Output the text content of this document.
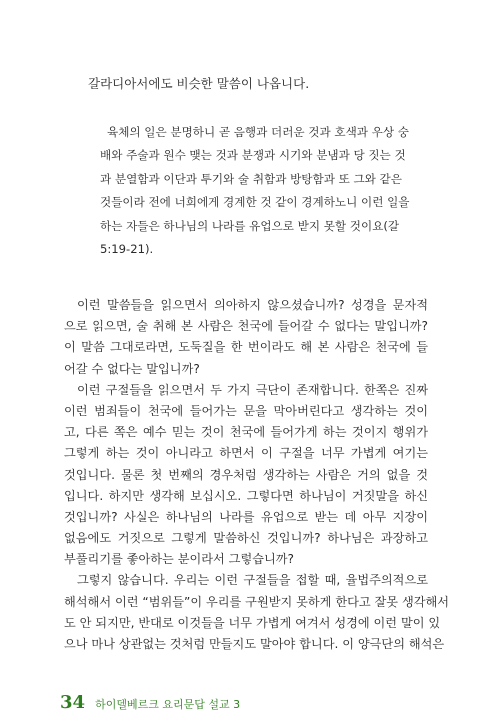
갈라디아서에도 비슷한 말씀이 나옵니다.
육체의 일은 분명하니 곧 음행과 더러운 것과 호색과 우상 숭
배와 주술과 원수 맺는 것과 분쟁과 시기와 분냄과 당 짓는 것
과 분열함과 이단과 투기와 술 취함과 방탕함과 또 그와 같은
것들이라 전에 너희에게 경계한 것 같이 경계하노니 이런 일을
하는 자들은 하나님의 나라를 유업으로 받지 못할 것이요(갈
5:19-21).
이런 말씀들을 읽으면서 의아하지 않으셨습니까? 성경을 문자적
으로 읽으면, 술 취해 본 사람은 천국에 들어갈 수 없다는 말입니까?
이 말씀 그대로라면, 도둑질을 한 번이라도 해 본 사람은 천국에 들
어갈 수 없다는 말입니까?
이런 구절들을 읽으면서 두 가지 극단이 존재합니다. 한쪽은 진짜
이런 범죄들이 천국에 들어가는 문을 막아버린다고 생각하는 것이
고, 다른 쪽은 예수 믿는 것이 천국에 들어가게 하는 것이지 행위가
그렇게 하는 것이 아니라고 하면서 이 구절을 너무 가볍게 여기는
것입니다. 물론 첫 번째의 경우처럼 생각하는 사람은 거의 없을 것
입니다. 하지만 생각해 보십시오. 그렇다면 하나님이 거짓말을 하신
것입니까? 사실은 하나님의 나라를 유업으로 받는 데 아무 지장이
없음에도 거짓으로 그렇게 말씀하신 것입니까? 하나님은 과장하고
부풀리기를 좋아하는 분이라서 그렇습니까?
그렇지 않습니다. 우리는 이런 구절들을 접할 때, 율법주의적으로
해석해서 이런 “범위들”이 우리를 구원받지 못하게 한다고 잘못 생각해서
도 안 되지만, 반대로 이것들을 너무 가볍게 여겨서 성경에 이런 말이 있
으나 마나 상관없는 것처럼 만들지도 말아야 합니다. 이 양극단의 해석은
34 하이델베르크 요리문답 설교 3
